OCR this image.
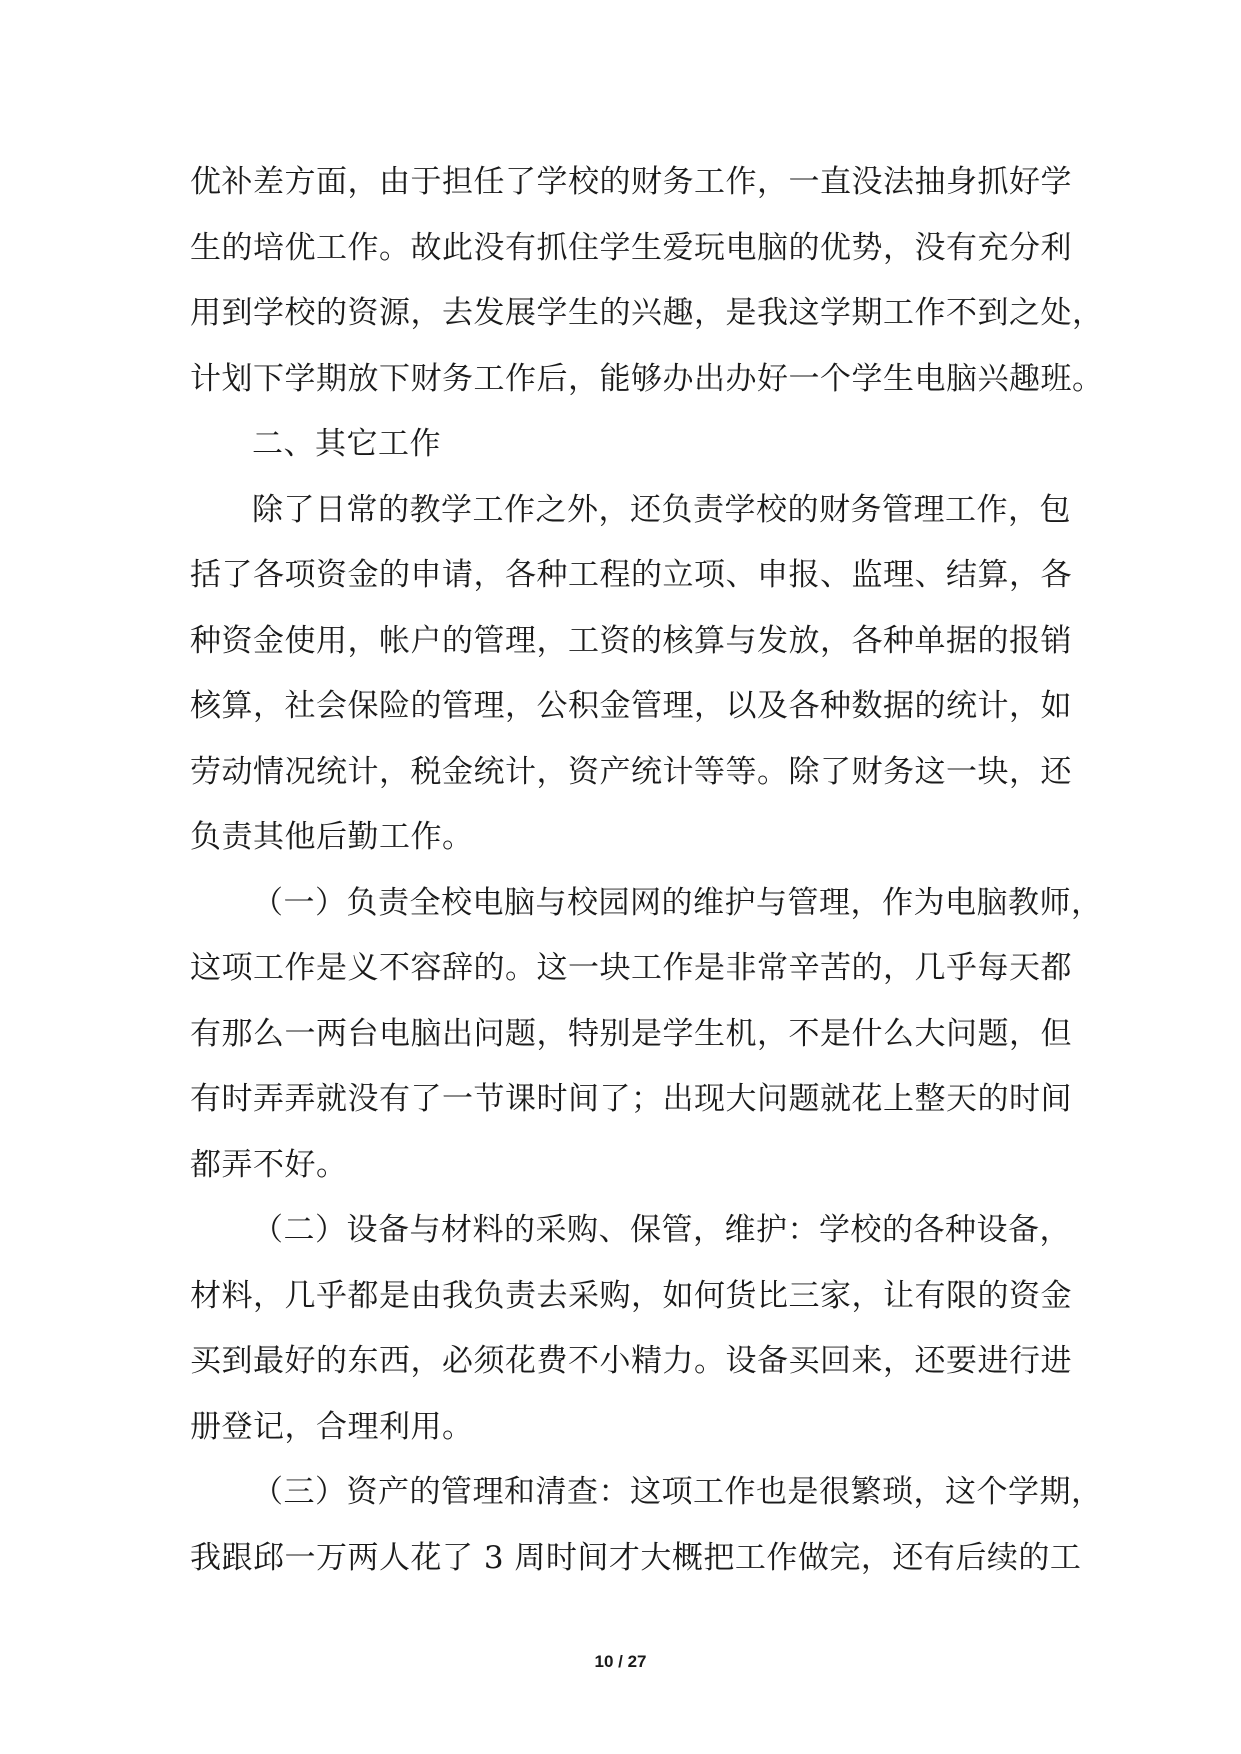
优补差方面，由于担任了学校的财务工作，一直没法抽身抓好学
生的培优工作。故此没有抓住学生爱玩电脑的优势，没有充分利
用到学校的资源，去发展学生的兴趣，是我这学期工作不到之处，
计划下学期放下财务工作后，能够办出办好一个学生电脑兴趣班。
二、其它工作
除了日常的教学工作之外，还负责学校的财务管理工作，包
括了各项资金的申请，各种工程的立项、申报、监理、结算，各
种资金使用，帐户的管理，工资的核算与发放，各种单据的报销
核算，社会保险的管理，公积金管理，以及各种数据的统计，如
劳动情况统计，税金统计，资产统计等等。除了财务这一块，还
负责其他后勤工作。
（一）负责全校电脑与校园网的维护与管理，作为电脑教师，
这项工作是义不容辞的。这一块工作是非常辛苦的，几乎每天都
有那么一两台电脑出问题，特别是学生机，不是什么大问题，但
有时弄弄就没有了一节课时间了；出现大问题就花上整天的时间
都弄不好。
（二）设备与材料的采购、保管，维护：学校的各种设备，
材料，几乎都是由我负责去采购，如何货比三家，让有限的资金
买到最好的东西，必须花费不小精力。设备买回来，还要进行进
册登记，合理利用。
（三）资产的管理和清查：这项工作也是很繁琐，这个学期，
我跟邱一万两人花了 3 周时间才大概把工作做完，还有后续的工
10 / 27
